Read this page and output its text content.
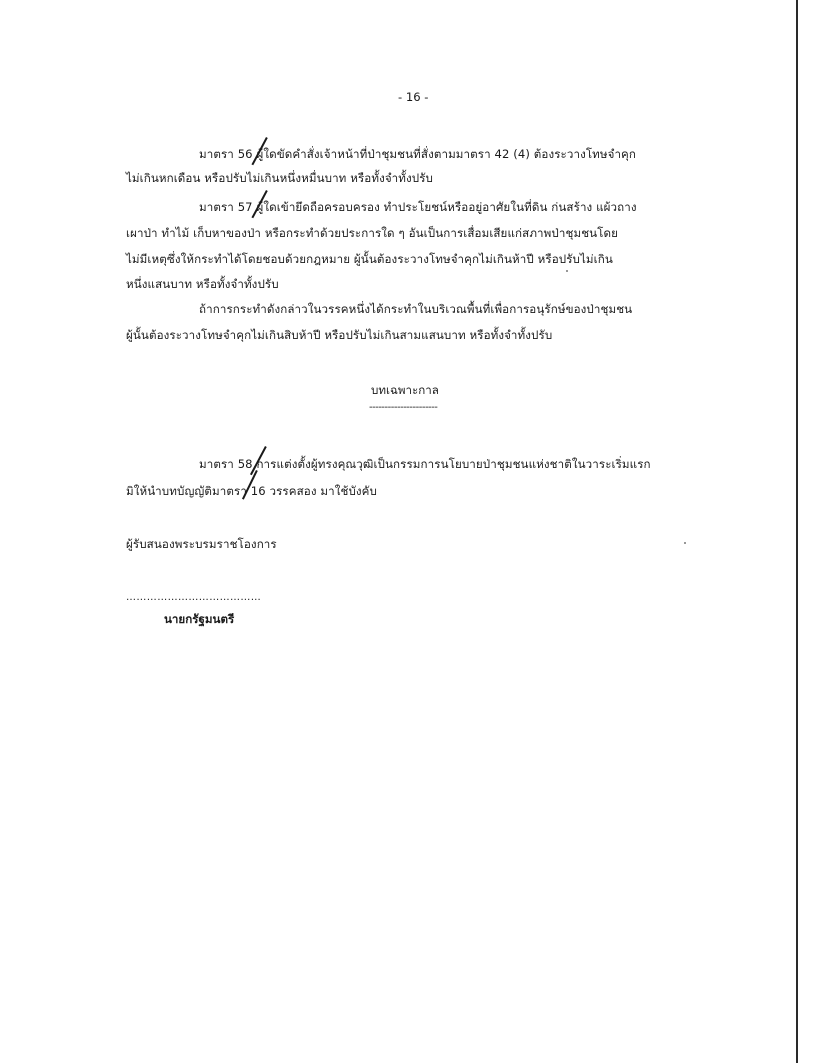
- 16 -
มาตรา 56 ผู้ใดขัดคำสั่งเจ้าหน้าที่ป่าชุมชนที่สั่งตามมาตรา 42 (4) ต้องระวางโทษจำคุก
ไม่เกินหกเดือน หรือปรับไม่เกินหนึ่งหมื่นบาท หรือทั้งจำทั้งปรับ
มาตรา 57 ผู้ใดเข้ายึดถือครอบครอง ทำประโยชน์หรืออยู่อาศัยในที่ดิน ก่นสร้าง แผ้วถาง
เผาป่า ทำไม้ เก็บหาของป่า หรือกระทำด้วยประการใด ๆ อันเป็นการเสื่อมเสียแก่สภาพป่าชุมชนโดย
ไม่มีเหตุซึ่งให้กระทำได้โดยชอบด้วยกฎหมาย ผู้นั้นต้องระวางโทษจำคุกไม่เกินห้าปี หรือปรับไม่เกิน
หนึ่งแสนบาท หรือทั้งจำทั้งปรับ
ถ้าการกระทำดังกล่าวในวรรคหนึ่งได้กระทำในบริเวณพื้นที่เพื่อการอนุรักษ์ของป่าชุมชน
ผู้นั้นต้องระวางโทษจำคุกไม่เกินสิบห้าปี หรือปรับไม่เกินสามแสนบาท หรือทั้งจำทั้งปรับ
บทเฉพาะกาล
----------------------
มาตรา 58 การแต่งตั้งผู้ทรงคุณวุฒิเป็นกรรมการนโยบายป่าชุมชนแห่งชาติในวาระเริ่มแรก
มิให้นำบทบัญญัติมาตรา 16 วรรคสอง มาใช้บังคับ
ผู้รับสนองพระบรมราชโองการ
…………………………………
นายกรัฐมนตรี
